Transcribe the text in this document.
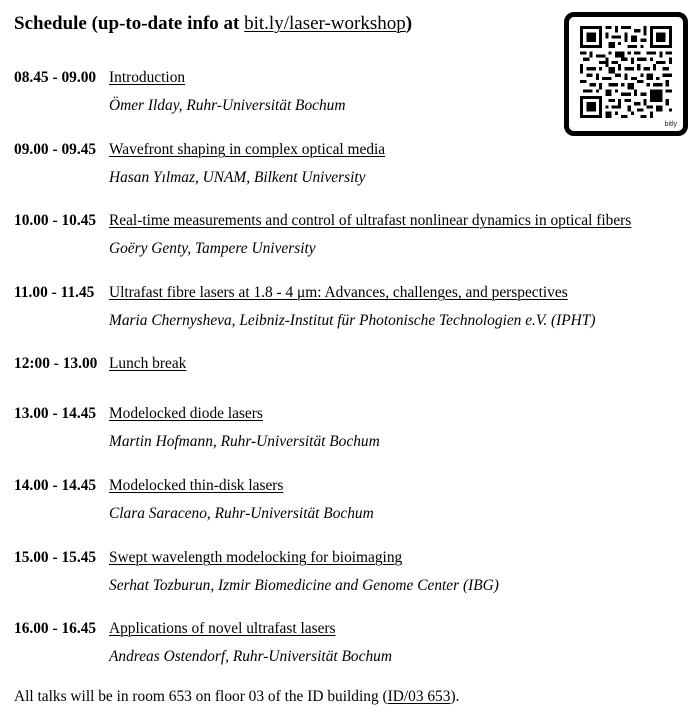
Schedule (up-to-date info at bit.ly/laser-workshop)
bitly
08.45 - 09.00 Introduction
Ömer Ilday, Ruhr-Universität Bochum
09.00 - 09.45 Wavefront shaping in complex optical media
Hasan Yılmaz, UNAM, Bilkent University
10.00 - 10.45 Real-time measurements and control of ultrafast nonlinear dynamics in optical fibers
Goëry Genty, Tampere University
11.00 - 11.45 Ultrafast fibre lasers at 1.8 - 4 μm: Advances, challenges, and perspectives
Maria Chernysheva, Leibniz-Institut für Photonische Technologien e.V. (IPHT)
12:00 - 13.00 Lunch break
13.00 - 14.45 Modelocked diode lasers
Martin Hofmann, Ruhr-Universität Bochum
14.00 - 14.45 Modelocked thin-disk lasers
Clara Saraceno, Ruhr-Universität Bochum
15.00 - 15.45 Swept wavelength modelocking for bioimaging
Serhat Tozburun, Izmir Biomedicine and Genome Center (IBG)
16.00 - 16.45 Applications of novel ultrafast lasers
Andreas Ostendorf, Ruhr-Universität Bochum
All talks will be in room 653 on floor 03 of the ID building (ID/03 653).
